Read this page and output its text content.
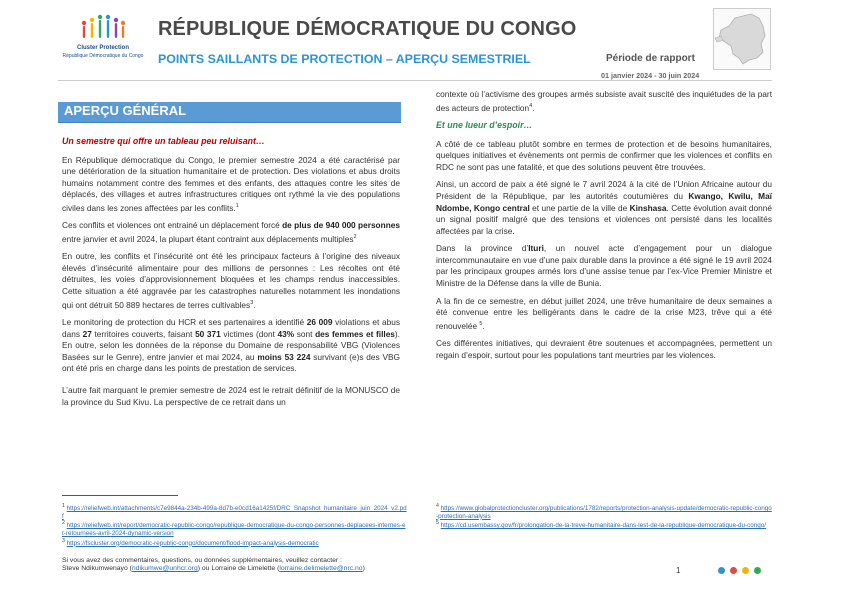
Cluster Protection
République Démocratique du Congo
RÉPUBLIQUE DÉMOCRATIQUE DU CONGO
POINTS SAILLANTS DE PROTECTION – APERÇU SEMESTRIEL	Période de rapport
01 janvier 2024 - 30 juin 2024
APERÇU GÉNÉRAL

Un semestre qui offre un tableau peu reluisant…

En République démocratique du Congo, le premier semestre 2024 a été caractérisé par une détérioration de la situation humanitaire et de protection. Des violations et abus droits humains notamment contre des femmes et des enfants, des attaques contre les sites de déplacés, des villages et autres infrastructures critiques ont rythmé la vie des populations civiles dans les zones affectées par les conflits.$^1$

Ces conflits et violences ont entrainé un déplacement forcé de plus de 940 000 personnes entre janvier et avril 2024, la plupart étant contraint aux déplacements multiples$^2$

En outre, les conflits et l’insécurité ont été les principaux facteurs à l’origine des niveaux élevés d’insécurité alimentaire pour des millions de personnes : Les récoltes ont été détruites, les voies d’approvisionnement bloquées et les champs rendus inaccessibles. Cette situation a été aggravée par les catastrophes naturelles notamment les inondations qui ont détruit 50 889 hectares de terres cultivables$^3$.

Le monitoring de protection du HCR et ses partenaires a identifié 26 009 violations et abus dans 27 territoires couverts, faisant 50 371 victimes (dont 43% sont des femmes et filles). En outre, selon les données de la réponse du Domaine de responsabilité VBG (Violences Basées sur le Genre), entre janvier et mai 2024, au moins 53 224 survivant (e)s des VBG ont été pris en charge dans les points de prestation de services.

L’autre fait marquant le premier semestre de 2024 est le retrait définitif de la MONUSCO de la province du Sud Kivu. La perspective de ce retrait dans un

contexte où l’activisme des groupes armés subsiste avait suscité des inquiétudes de la part des acteurs de protection$^4$.

Et une lueur d’espoir…

A côté de ce tableau plutôt sombre en termes de protection et de besoins humanitaires, quelques initiatives et évènements ont permis de confirmer que les violences et conflits en RDC ne sont pas une fatalité, et que des solutions peuvent être trouvées.

Ainsi, un accord de paix a été signé le 7 avril 2024 à la cité de l’Union Africaine autour du Président de la République, par les autorités coutumières du Kwango, Kwilu, Maï Ndombe, Kongo central et une partie de la ville de Kinshasa. Cette évolution avait donné un signal positif malgré que des tensions et violences ont persisté dans les localités affectées par la crise.

Dans la province d’Ituri, un nouvel acte d’engagement pour un dialogue intercommunautaire en vue d’une paix durable dans la province a été signé le 19 avril 2024 par les principaux groupes armés lors d’une assise tenue par l’ex-Vice Premier Ministre et Ministre de la Défense dans la ville de Bunia.

A la fin de ce semestre, en début juillet 2024, une trêve humanitaire de deux semaines a été convenue entre les belligérants dans le cadre de la crise M23, trêve qui a été renouvelée $^5$.

Ces différentes initiatives, qui devraient être soutenues et accompagnées, permettent un regain d’espoir, surtout pour les populations tant meurtries par les violences.

$^1$ https://reliefweb.int/attachments/c7e9844a-234b-499a-8d7b-e0cd16a1425f/DRC_Snapshot_humanitaire_juin_2024_v2.pdf
$^2$ https://reliefweb.int/report/democratic-republic-congo/republique-democratique-du-congo-personnes-deplacees-internes-et-retournees-avril-2024-dynamic-version
$^3$ https://fscluster.org/democratic-republic-congo/document/flood-impact-analysis-democratic
$^4$ https://www.globalprotectioncluster.org/publications/1782/reports/protection-analysis-update/democratic-republic-congo-protection-analysis
$^5$ https://cd.usembassy.gov/fr/prolongation-de-la-treve-humanitaire-dans-lest-de-la-republique-democratique-du-congo/
Si vous avez des commentaires, questions, ou données supplémentaires, veuillez contacter :
Steve Ndikumwenayo (ndikumwe@unhcr.org) ou Lorraine de Limelette (lorraine.delimelette@nrc.no)	1
